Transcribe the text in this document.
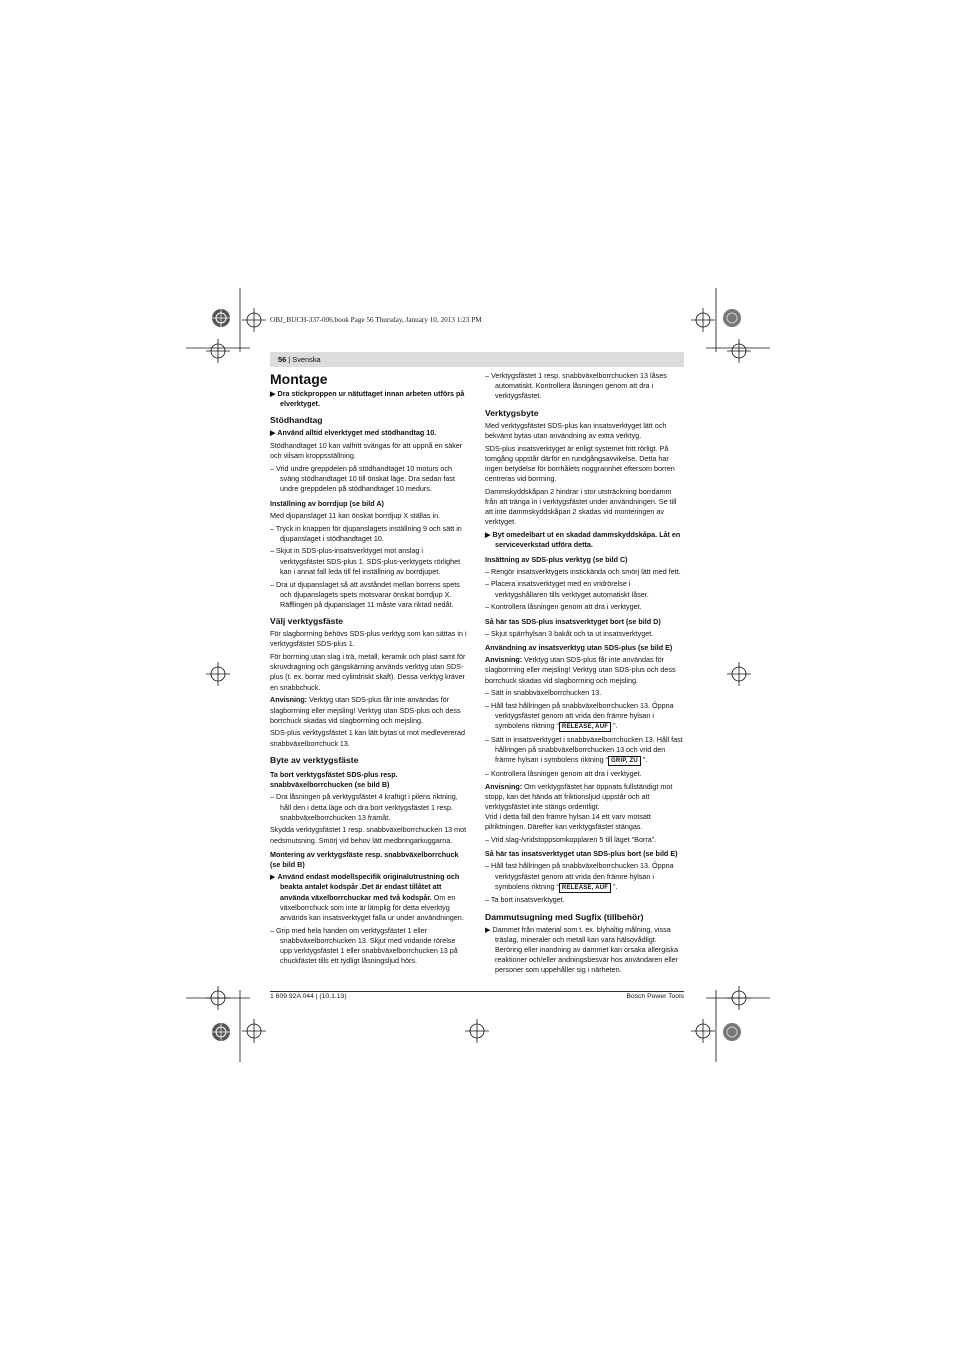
OBJ_BUCH-337-006.book Page 56 Thursday, January 10, 2013 1:23 PM
56 | Svenska

Montage

▶ Dra stickproppen ur nätuttaget innan arbeten utförs på elverktyget.

Stödhandtag

▶ Använd alltid elverktyget med stödhandtag 10.

Stödhandtaget 10 kan valfritt svängas för att uppnå en säker och vilsam kroppsställning.

– Vrid undre greppdelen på stödhandtaget 10 moturs och sväng stödhandtaget 10 till önskat läge. Dra sedan fast undre greppdelen på stödhandtaget 10 medurs.

Inställning av borrdjup (se bild A)

Med djupanslaget 11 kan önskat borrdjup X ställas in.

– Tryck in knappen för djupanslagets inställning 9 och sätt in djupanslaget i stödhandtaget 10.

– Skjut in SDS-plus-insatsverktyget mot anslag i verktygsfästet SDS-plus 1. SDS-plus-verktygets rörlighet kan i annat fall leda till fel inställning av borrdjupet.

– Dra ut djupanslaget så att avståndet mellan borrens spets och djupanslagets spets motsvarar önskat borrdjup X. Räfflingen på djupanslaget 11 måste vara riktad nedåt.

Välj verktygsfäste

För slagborrning behövs SDS-plus verktyg som kan sättas in i verktygsfästet SDS-plus 1.

För borrning utan slag i trä, metall, keramik och plast samt för skruvdragning och gängskärning används verktyg utan SDS-plus (t. ex. borrar med cylindriskt skaft). Dessa verktyg kräver en snabbchuck.

Anvisning: Verktyg utan SDS-plus får inte användas för slagborrning eller mejsling! Verktyg utan SDS-plus och dess borrchuck skadas vid slagborrning och mejsling.

SDS-plus verktygsfästet 1 kan lätt bytas ut mot medlevererad snabbväxelborrchuck 13.

Byte av verktygsfäste

Ta bort verktygsfästet SDS-plus resp. snabbväxelborrchucken (se bild B)

– Dra låsningen på verktygsfästet 4 kraftigt i pilens riktning, håll den i detta läge och dra bort verktygsfästet 1 resp. snabbväxelborrchucken 13 framåt.

Skydda verktygsfästet 1 resp. snabbväxelborrchucken 13 mot nedsmutsning. Smörj vid behov lätt medbringarkuggarna.

Montering av verktygsfäste resp. snabbväxelborrchuck (se bild B)

▶ Använd endast modellspecifik originalutrustning och beakta antalet kodspår .Det är endast tillåtet att använda växelborrchuckar med två kodspår. Om en växelborrchuck som inte är lämplig för detta elverktyg används kan insatsverktyget falla ur under användningen.

– Grip med hela handen om verktygsfästet 1 eller snabbväxelborrchucken 13. Skjut med vridande rörelse upp verktygsfästet 1 eller snabbväxelborrchucken 13 på chuckfästet tills ett tydligt låsningsljud hörs.

– Verktygsfästet 1 resp. snabbväxelborrchucken 13 låses automatiskt. Kontrollera låsningen genom att dra i verktygsfästet.

Verktygsbyte

Med verktygsfästet SDS-plus kan insatsverktyget lätt och bekvämt bytas utan användning av extra verktyg.

SDS-plus insatsverktyget är enligt systemet fritt rörligt. På tomgång uppstår därför en rundgångsavvikelse. Detta har ingen betydelse för borrhålets noggrannhet eftersom borren centreras vid borrning.

Dammskyddskåpan 2 hindrar i stor utsträckning borrdamm från att tränga in i verktygsfästet under användningen. Se till att inte dammskyddskåpan 2 skadas vid monteringen av verktyget.

▶ Byt omedelbart ut en skadad dammskyddskåpa. Låt en serviceverkstad utföra detta.

Insättning av SDS-plus verktyg (se bild C)

– Rengör insatsverktygets instickända och smörj lätt med fett.

– Placera insatsverktyget med en vridrörelse i verktygshållaren tills verktyget automatiskt låser.

– Kontrollera låsningen genom att dra i verktyget.

Så här tas SDS-plus insatsverktyget bort (se bild D)

– Skjut spärrhylsan 3 bakåt och ta ut insatsverktyget.

Användning av insatsverktyg utan SDS-plus (se bild E)

Anvisning: Verktyg utan SDS-plus får inte användas för slagborrning eller mejsling! Verktyg utan SDS-plus och dess borrchuck skadas vid slagborrning och mejsling.

– Sätt in snabbväxelborrchucken 13.

– Håll fast hållringen på snabbväxelborrchucken 13. Öppna verktygsfästet genom att vrida den främre hylsan i symbolens riktning “ RELEASE, AUF ”.

– Sätt in insatsverktyget i snabbväxelborrchucken 13. Håll fast hållringen på snabbväxelborrchucken 13 och vrid den främre hylsan i symbolens riktning “ GRIP, ZU ”.

– Kontrollera låsningen genom att dra i verktyget.

Anvisning: Om verktygsfästet har öppnats fullständigt mot stopp, kan det hända att friktionsljud uppstår och att verktygsfästet inte stängs ordentligt.
Vrid i detta fall den främre hylsan 14 ett varv motsatt pilriktningen. Därefter kan verktygsfästet stängas.

– Vrid slag-/vridstoppsomkopplaren 5 till läget ”Borra”.

Så här tas insatsverktyget utan SDS-plus bort (se bild E)

– Håll fast hållringen på snabbväxelborrchucken 13. Öppna verktygsfästet genom att vrida den främre hylsan i symbolens riktning “ RELEASE, AUF ”.

– Ta bort insatsverktyget.

Dammutsugning med Sugfix (tillbehör)

▶ Dammet från material som t. ex. blyhaltig målning, vissa träslag, mineraler och metall kan vara hälsovådligt. Beröring eller inandning av dammet kan orsaka allergiska reaktioner och/eller andningsbesvär hos användaren eller personer som uppehåller sig i närheten.

1 609 92A 044 | (10.1.13)	Bosch Power Tools
